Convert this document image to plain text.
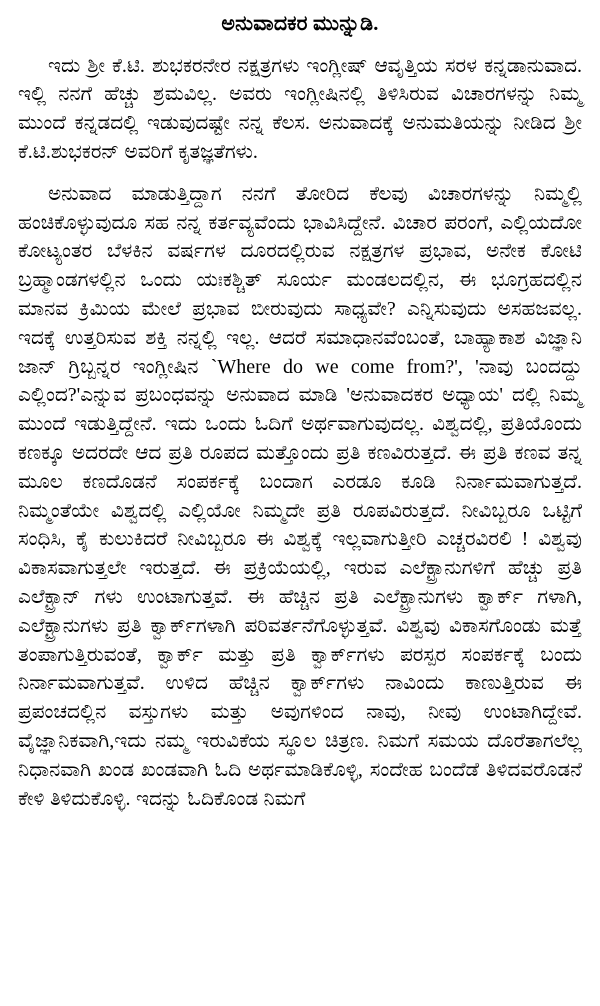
ಅನುವಾದಕರ ಮುನ್ನುಡಿ.

ಇದು ಶ್ರೀ ಕೆ.ಟಿ. ಶುಭಕರನೇರ ನಕ್ಷತ್ರಗಳು ಇಂಗ್ಲೀಷ್ ಆವೃತ್ತಿಯ ಸರಳ ಕನ್ನಡಾನುವಾದ. ಇಲ್ಲಿ ನನಗೆ ಹೆಚ್ಚು ಶ್ರಮವಿಲ್ಲ. ಅವರು ಇಂಗ್ಲೀಷಿನಲ್ಲಿ ತಿಳಿಸಿರುವ ವಿಚಾರಗಳನ್ನು ನಿಮ್ಮ ಮುಂದೆ ಕನ್ನಡದಲ್ಲಿ ಇಡುವುದಷ್ಟೇ ನನ್ನ ಕೆಲಸ. ಅನುವಾದಕ್ಕೆ ಅನುಮತಿಯನ್ನು ನೀಡಿದ ಶ್ರೀ ಕೆ.ಟಿ.ಶುಭಕರನ್ ಅವರಿಗೆ ಕೃತಜ್ಞತೆಗಳು.

ಅನುವಾದ ಮಾಡುತ್ತಿದ್ದಾಗ ನನಗೆ ತೋರಿದ ಕೆಲವು ವಿಚಾರಗಳನ್ನು ನಿಮ್ಮಲ್ಲಿ ಹಂಚಿಕೊಳ್ಳುವುದೂ ಸಹ ನನ್ನ ಕರ್ತವ್ಯವೆಂದು ಭಾವಿಸಿದ್ದೇನೆ. ವಿಚಾರ ಪರಂಗೆ, ಎಲ್ಲಿಯದೋ ಕೋಟ್ಯಂತರ ಬೆಳಕಿನ ವರ್ಷಗಳ ದೂರದಲ್ಲಿರುವ ನಕ್ಷತ್ರಗಳ ಪ್ರಭಾವ, ಅನೇಕ ಕೋಟಿ ಬ್ರಹ್ಮಾಂಡಗಳಲ್ಲಿನ ಒಂದು ಯಃಕಶ್ಚಿತ್ ಸೂರ್ಯ ಮಂಡಲದಲ್ಲಿನ, ಈ ಭೂಗ್ರಹದಲ್ಲಿನ ಮಾನವ ಕ್ರಿಮಿಯ ಮೇಲೆ ಪ್ರಭಾವ ಬೀರುವುದು ಸಾಧ್ಯವೇ? ಎನ್ನಿಸುವುದು ಅಸಹಜವಲ್ಲ. ಇದಕ್ಕೆ ಉತ್ತರಿಸುವ ಶಕ್ತಿ ನನ್ನಲ್ಲಿ ಇಲ್ಲ. ಆದರೆ ಸಮಾಧಾನವೆಂಬಂತೆ, ಬಾಹ್ಯಾಕಾಶ ವಿಜ್ಞಾನಿ ಜಾನ್ ಗ್ರಿಬ್ಬನ್ನರ ಇಂಗ್ಲೀಷಿನ `Where do we come from?', 'ನಾವು ಬಂದದ್ದು ಎಲ್ಲಿಂದ?'ಎನ್ನುವ ಪ್ರಬಂಧವನ್ನು ಅನುವಾದ ಮಾಡಿ 'ಅನುವಾದಕರ ಅಧ್ಯಾಯ' ದಲ್ಲಿ ನಿಮ್ಮ ಮುಂದೆ ಇಡುತ್ತಿದ್ದೇನೆ. ಇದು ಒಂದು ಓದಿಗೆ ಅರ್ಥವಾಗುವುದಲ್ಲ. ವಿಶ್ವದಲ್ಲಿ, ಪ್ರತಿಯೊಂದು ಕಣಕ್ಕೂ ಅದರದೇ ಆದ ಪ್ರತಿ ರೂಪದ ಮತ್ತೊಂದು ಪ್ರತಿ ಕಣವಿರುತ್ತದೆ. ಈ ಪ್ರತಿ ಕಣವ ತನ್ನ ಮೂಲ ಕಣದೊಡನೆ ಸಂಪರ್ಕಕ್ಕೆ ಬಂದಾಗ ಎರಡೂ ಕೂಡಿ ನಿರ್ನಾಮವಾಗುತ್ತದೆ. ನಿಮ್ಮಂತೆಯೇ ವಿಶ್ವದಲ್ಲಿ ಎಲ್ಲಿಯೋ ನಿಮ್ಮದೇ ಪ್ರತಿ ರೂಪವಿರುತ್ತದೆ. ನೀವಿಬ್ಬರೂ ಒಟ್ಟಿಗೆ ಸಂಧಿಸಿ, ಕೈ ಕುಲುಕಿದರೆ ನೀವಿಬ್ಬರೂ ಈ ವಿಶ್ವಕ್ಕೆ ಇಲ್ಲವಾಗುತ್ತೀರಿ ಎಚ್ಚರವಿರಲಿ ! ವಿಶ್ವವು ವಿಕಾಸವಾಗುತ್ತಲೇ ಇರುತ್ತದೆ. ಈ ಪ್ರಕ್ರಿಯೆಯಲ್ಲಿ, ಇರುವ ಎಲೆಕ್ಟ್ರಾನುಗಳಿಗೆ ಹೆಚ್ಚು ಪ್ರತಿ ಎಲೆಕ್ಟ್ರಾನ್ ಗಳು ಉಂಟಾಗುತ್ತವೆ. ಈ ಹೆಚ್ಚಿನ ಪ್ರತಿ ಎಲೆಕ್ಟ್ರಾನುಗಳು ಕ್ವಾರ್ಕ್ ಗಳಾಗಿ, ಎಲೆಕ್ಟ್ರಾನುಗಳು ಪ್ರತಿ ಕ್ವಾರ್ಕ್‌ಗಳಾಗಿ ಪರಿವರ್ತನೆಗೊಳ್ಳುತ್ತವೆ. ವಿಶ್ವವು ವಿಕಾಸಗೊಂಡು ಮತ್ತೆ ತಂಪಾಗುತ್ತಿರುವಂತೆ, ಕ್ವಾರ್ಕ್ ಮತ್ತು ಪ್ರತಿ ಕ್ವಾರ್ಕ್‌ಗಳು ಪರಸ್ಪರ ಸಂಪರ್ಕಕ್ಕೆ ಬಂದು ನಿರ್ನಾಮವಾಗುತ್ತವೆ. ಉಳಿದ ಹೆಚ್ಚಿನ ಕ್ವಾರ್ಕ್‌ಗಳು ನಾವಿಂದು ಕಾಣುತ್ತಿರುವ ಈ ಪ್ರಪಂಚದಲ್ಲಿನ ವಸ್ತುಗಳು ಮತ್ತು ಅವುಗಳಿಂದ ನಾವು, ನೀವು ಉಂಟಾಗಿದ್ದೇವೆ. ವೈಜ್ಞಾನಿಕವಾಗಿ,ಇದು ನಮ್ಮ ಇರುವಿಕೆಯ ಸ್ಥೂಲ ಚಿತ್ರಣ. ನಿಮಗೆ ಸಮಯ ದೊರೆತಾಗಲೆಲ್ಲ ನಿಧಾನವಾಗಿ ಖಂಡ ಖಂಡವಾಗಿ ಓದಿ ಅರ್ಥಮಾಡಿಕೊಳ್ಳಿ, ಸಂದೇಹ ಬಂದೆಡೆ ತಿಳಿದವರೊಡನೆ ಕೇಳಿ ತಿಳಿದುಕೊಳ್ಳಿ. ಇದನ್ನು ಓದಿಕೊಂಡ ನಿಮಗೆ
